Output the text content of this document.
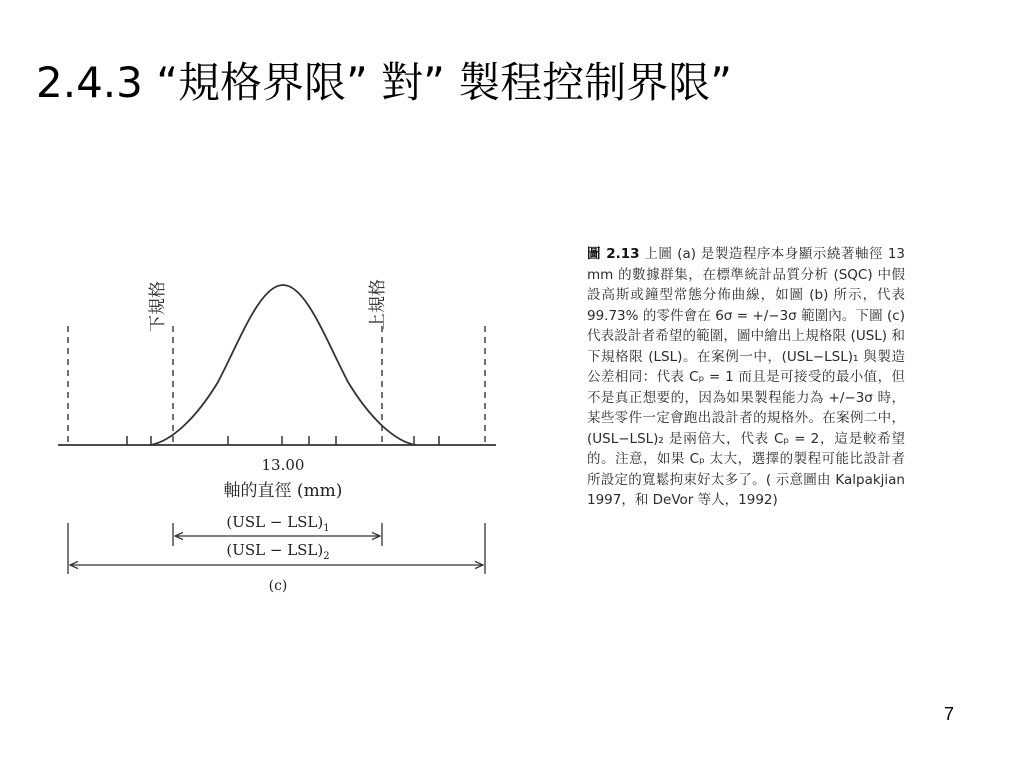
2.4.3 “規格界限” 對” 製程控制界限”
下規格	上規格
13.00
軸的直徑 (mm)
$(USL - LSL)_1$
$(USL - LSL)_2$
(c)
圖 2.13 上圖 (a) 是製造程序本身顯示繞著軸徑 13 mm 的數據群集，在標準統計品質分析 (SQC) 中假設高斯或鐘型常態分佈曲線，如圖 (b) 所示，代表 99.73% 的零件會在 6σ = +/−3σ 範圍內。下圖 (c) 代表設計者希望的範圍，圖中繪出上規格限 (USL) 和下規格限 (LSL)。在案例一中，(USL−LSL)₁ 與製造公差相同：代表 Cₚ = 1 而且是可接受的最小值，但不是真正想要的，因為如果製程能力為 +/−3σ 時，某些零件一定會跑出設計者的規格外。在案例二中，(USL−LSL)₂ 是兩倍大，代表 Cₚ = 2，這是較希望的。注意，如果 Cₚ 太大，選擇的製程可能比設計者所設定的寬鬆拘束好太多了。( 示意圖由 Kalpakjian 1997，和 DeVor 等人，1992)
7
